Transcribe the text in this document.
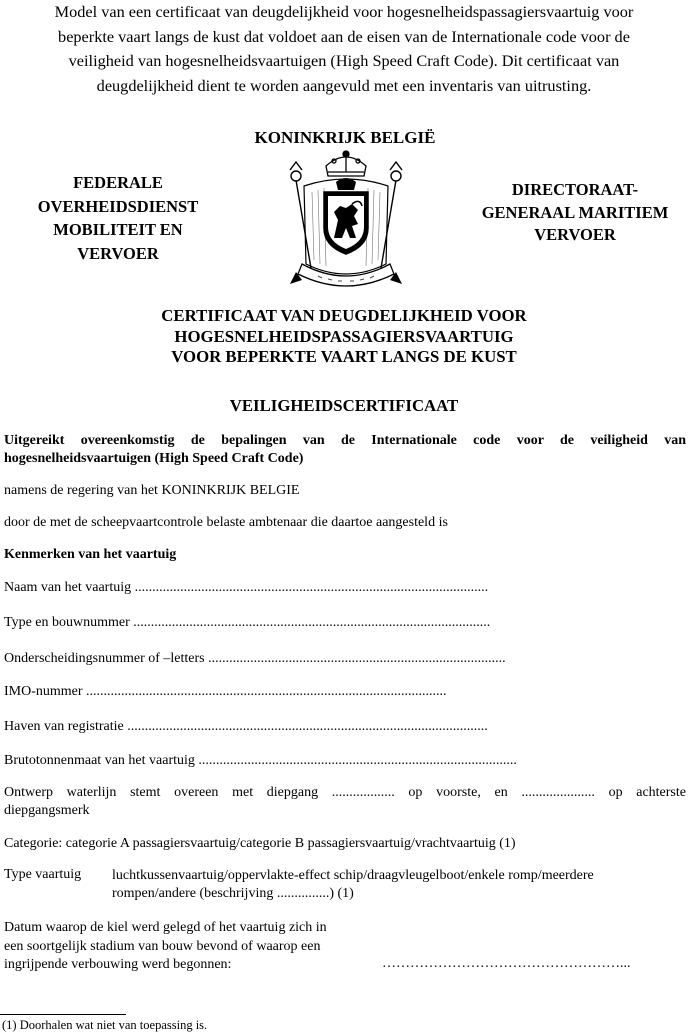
Model van een certificaat van deugdelijkheid voor hogesnelheidspassagiersvaartuig voor
beperkte vaart langs de kust dat voldoet aan de eisen van de Internationale code voor de
veiligheid van hogesnelheidsvaartuigen (High Speed Craft Code). Dit certificaat van
deugdelijkheid dient te worden aangevuld met een inventaris van uitrusting.
KONINKRIJK BELGIË
FEDERALE
OVERHEIDSDIENST
MOBILITEIT EN
VERVOER
DIRECTORAAT-
GENERAAL MARITIEM
VERVOER
CERTIFICAAT VAN DEUGDELIJKHEID VOOR
HOGESNELHEIDSPASSAGIERSVAARTUIG
VOOR BEPERKTE VAART LANGS DE KUST
VEILIGHEIDSCERTIFICAAT
Uitgereikt overeenkomstig de bepalingen van de Internationale code voor de veiligheid van
hogesnelheidsvaartuigen (High Speed Craft Code)
namens de regering van het KONINKRIJK BELGIE
door de met de scheepvaartcontrole belaste ambtenaar die daartoe aangesteld is
Kenmerken van het vaartuig
Naam van het vaartuig .....................................................................................................
Type en bouwnummer ......................................................................................................
Onderscheidingsnummer of –letters .....................................................................................
IMO-nummer .......................................................................................................
Haven van registratie .......................................................................................................
Brutotonnenmaat van het vaartuig ...........................................................................................
Ontwerp waterlijn stemt overeen met diepgang .................. op voorste, en ..................... op achterste
diepgangsmerk
Categorie: categorie A passagiersvaartuig/categorie B passagiersvaartuig/vrachtvaartuig (1)
Type vaartuig luchtkussenvaartuig/oppervlakte-effect schip/draagvleugelboot/enkele romp/meerdere
rompen/andere (beschrijving ...............) (1)
Datum waarop de kiel werd gelegd of het vaartuig zich in
een soortgelijk stadium van bouw bevond of waarop een
ingrijpende verbouwing werd begonnen:	……………………………………………...
(1) Doorhalen wat niet van toepassing is.
